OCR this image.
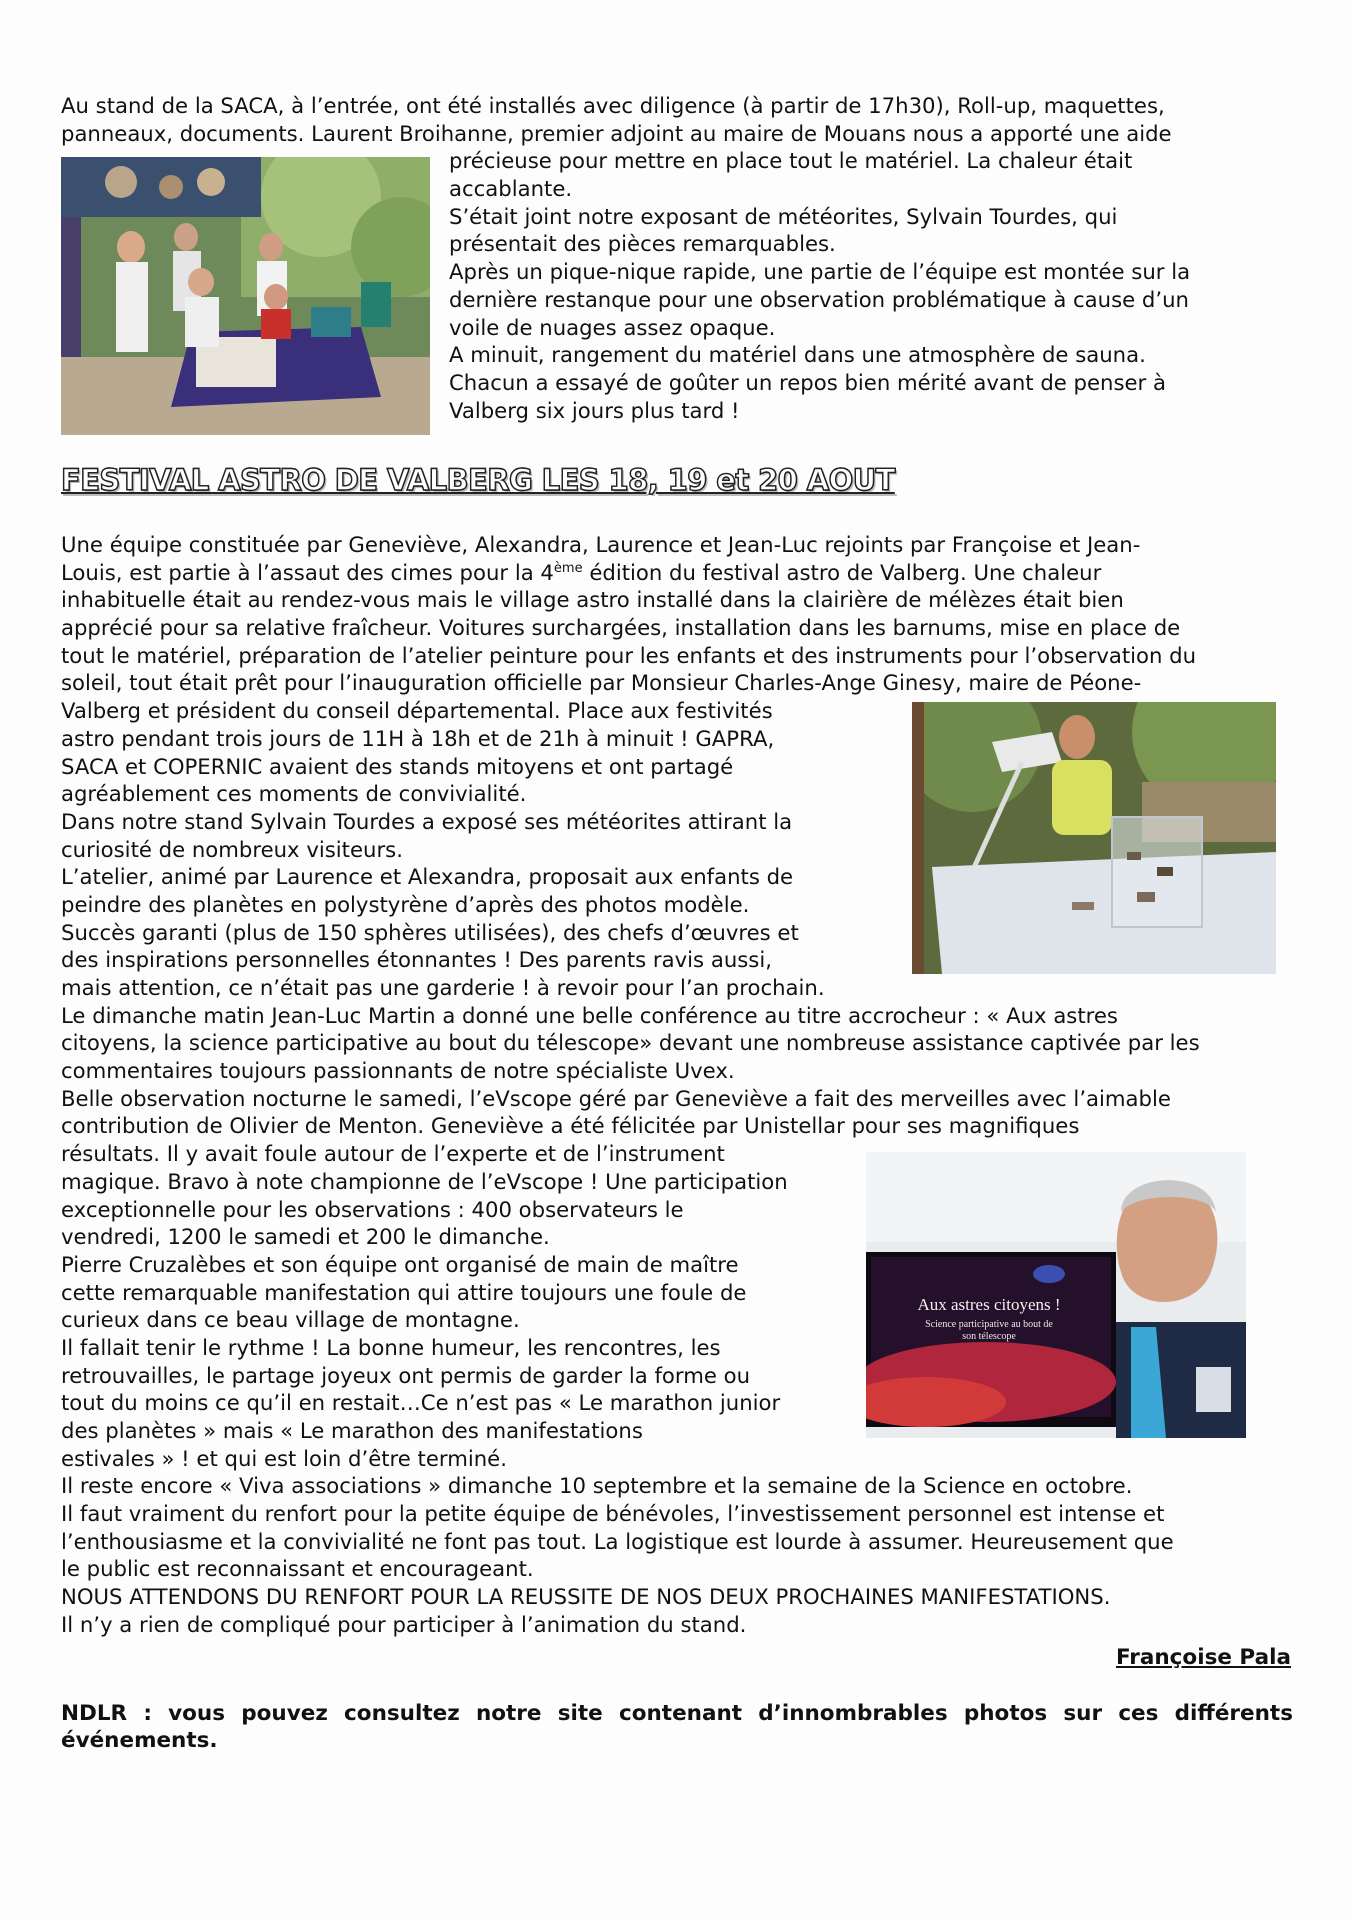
Au stand de la SACA, à l’entrée, ont été installés avec diligence (à partir de 17h30), Roll-up, maquettes,
panneaux, documents. Laurent Broihanne, premier adjoint au maire de Mouans nous a apporté une aide
précieuse pour mettre en place tout le matériel. La chaleur était
accablante.
S’était joint notre exposant de météorites, Sylvain Tourdes, qui
présentait des pièces remarquables.
Après un pique-nique rapide, une partie de l’équipe est montée sur la
dernière restanque pour une observation problématique à cause d’un
voile de nuages assez opaque.
A minuit, rangement du matériel dans une atmosphère de sauna.
Chacun a essayé de goûter un repos bien mérité avant de penser à
Valberg six jours plus tard !
FESTIVAL ASTRO DE VALBERG LES 18, 19 et 20 AOUT
Une équipe constituée par Geneviève, Alexandra, Laurence et Jean-Luc rejoints par Françoise et Jean-
Louis, est partie à l’assaut des cimes pour la 4ème édition du festival astro de Valberg. Une chaleur
inhabituelle était au rendez-vous mais le village astro installé dans la clairière de mélèzes était bien
apprécié pour sa relative fraîcheur. Voitures surchargées, installation dans les barnums, mise en place de
tout le matériel, préparation de l’atelier peinture pour les enfants et des instruments pour l’observation du
soleil, tout était prêt pour l’inauguration officielle par Monsieur Charles-Ange Ginesy, maire de Péone-
Valberg et président du conseil départemental. Place aux festivités
astro pendant trois jours de 11H à 18h et de 21h à minuit ! GAPRA,
SACA et COPERNIC avaient des stands mitoyens et ont partagé
agréablement ces moments de convivialité.
Dans notre stand Sylvain Tourdes a exposé ses météorites attirant la
curiosité de nombreux visiteurs.
L’atelier, animé par Laurence et Alexandra, proposait aux enfants de
peindre des planètes en polystyrène d’après des photos modèle.
Succès garanti (plus de 150 sphères utilisées), des chefs d’œuvres et
des inspirations personnelles étonnantes ! Des parents ravis aussi,
mais attention, ce n’était pas une garderie ! à revoir pour l’an prochain.
Le dimanche matin Jean-Luc Martin a donné une belle conférence au titre accrocheur : « Aux astres
citoyens, la science participative au bout du télescope» devant une nombreuse assistance captivée par les
commentaires toujours passionnants de notre spécialiste Uvex.
Belle observation nocturne le samedi, l’eVscope géré par Geneviève a fait des merveilles avec l’aimable
contribution de Olivier de Menton. Geneviève a été félicitée par Unistellar pour ses magnifiques
résultats. Il y avait foule autour de l’experte et de l’instrument
magique. Bravo à note championne de l’eVscope ! Une participation
exceptionnelle pour les observations : 400 observateurs le
vendredi, 1200 le samedi et 200 le dimanche.
Pierre Cruzalèbes et son équipe ont organisé de main de maître
cette remarquable manifestation qui attire toujours une foule de
curieux dans ce beau village de montagne.
Il fallait tenir le rythme ! La bonne humeur, les rencontres, les
retrouvailles, le partage joyeux ont permis de garder la forme ou
tout du moins ce qu’il en restait…Ce n’est pas « Le marathon junior
des planètes » mais « Le marathon des manifestations
estivales » ! et qui est loin d’être terminé.
Il reste encore « Viva associations » dimanche 10 septembre et la semaine de la Science en octobre.
Il faut vraiment du renfort pour la petite équipe de bénévoles, l’investissement personnel est intense et
l’enthousiasme et la convivialité ne font pas tout. La logistique est lourde à assumer. Heureusement que
le public est reconnaissant et encourageant.
NOUS ATTENDONS DU RENFORT POUR LA REUSSITE DE NOS DEUX PROCHAINES MANIFESTATIONS.
Il n’y a rien de compliqué pour participer à l’animation du stand.
Aux astres citoyens !
Science participative au bout de
son télescope
Françoise Pala
NDLR : vous pouvez consultez notre site contenant d’innombrables photos sur ces différents événements.
